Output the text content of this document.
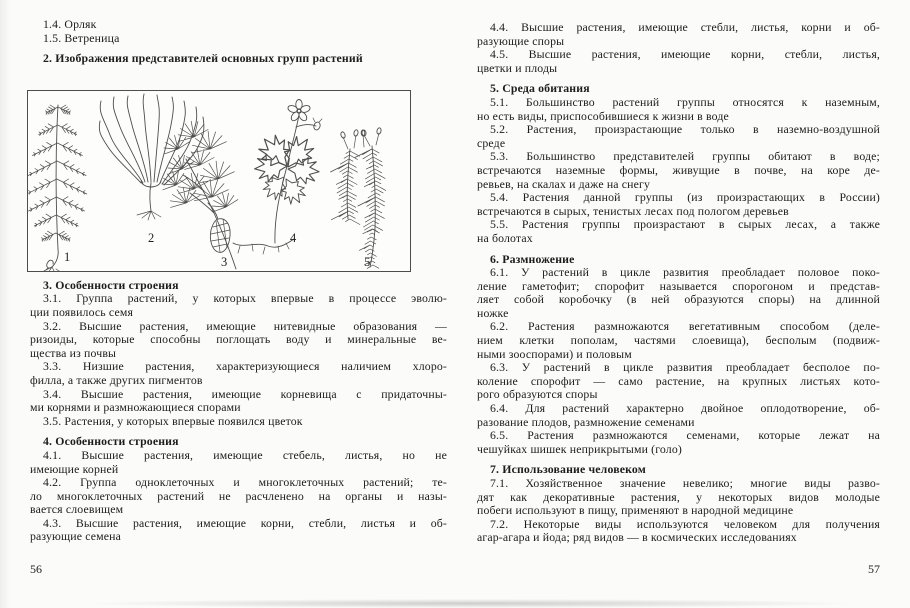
1.4. Орляк
1.5. Ветреница
2. Изображения представителей основных групп растений
1
2
3
4
5
3. Особенности строения
3.1. Группа растений, у которых впервые в процессе эволю-
ции появилось семя
3.2. Высшие растения, имеющие нитевидные образования —
ризоиды, которые способны поглощать воду и минеральные ве-
щества из почвы
3.3. Низшие растения, характеризующиеся наличием хлоро-
филла, а также других пигментов
3.4. Высшие растения, имеющие корневища с придаточны-
ми корнями и размножающиеся спорами
3.5. Растения, у которых впервые появился цветок
4. Особенности строения
4.1. Высшие растения, имеющие стебель, листья, но не
имеющие корней
4.2. Группа одноклеточных и многоклеточных растений; те-
ло многоклеточных растений не расчленено на органы и назы-
вается слоевищем
4.3. Высшие растения, имеющие корни, стебли, листья и об-
разующие семена
4.4. Высшие растения, имеющие стебли, листья, корни и об-
разующие споры
4.5. Высшие растения, имеющие корни, стебли, листья,
цветки и плоды
5. Среда обитания
5.1. Большинство растений группы относятся к наземным,
но есть виды, приспособившиеся к жизни в воде
5.2. Растения, произрастающие только в наземно-воздушной
среде
5.3. Большинство представителей группы обитают в воде;
встречаются наземные формы, живущие в почве, на коре де-
ревьев, на скалах и даже на снегу
5.4. Растения данной группы (из произрастающих в России)
встречаются в сырых, тенистых лесах под пологом деревьев
5.5. Растения группы произрастают в сырых лесах, а также
на болотах
6. Размножение
6.1. У растений в цикле развития преобладает половое поко-
ление гаметофит; спорофит называется спорогоном и представ-
ляет собой коробочку (в ней образуются споры) на длинной
ножке
6.2. Растения размножаются вегетативным способом (деле-
нием клетки пополам, частями слоевища), бесполым (подвиж-
ными зооспорами) и половым
6.3. У растений в цикле развития преобладает бесполое по-
коление спорофит — само растение, на крупных листьях кото-
рого образуются споры
6.4. Для растений характерно двойное оплодотворение, об-
разование плодов, размножение семенами
6.5. Растения размножаются семенами, которые лежат на
чешуйках шишек неприкрытыми (голо)
7. Использование человеком
7.1. Хозяйственное значение невелико; многие виды разво-
дят как декоративные растения, у некоторых видов молодые
побеги используют в пищу, применяют в народной медицине
7.2. Некоторые виды используются человеком для получения
агар-агара и йода; ряд видов — в космических исследованиях
56	57
